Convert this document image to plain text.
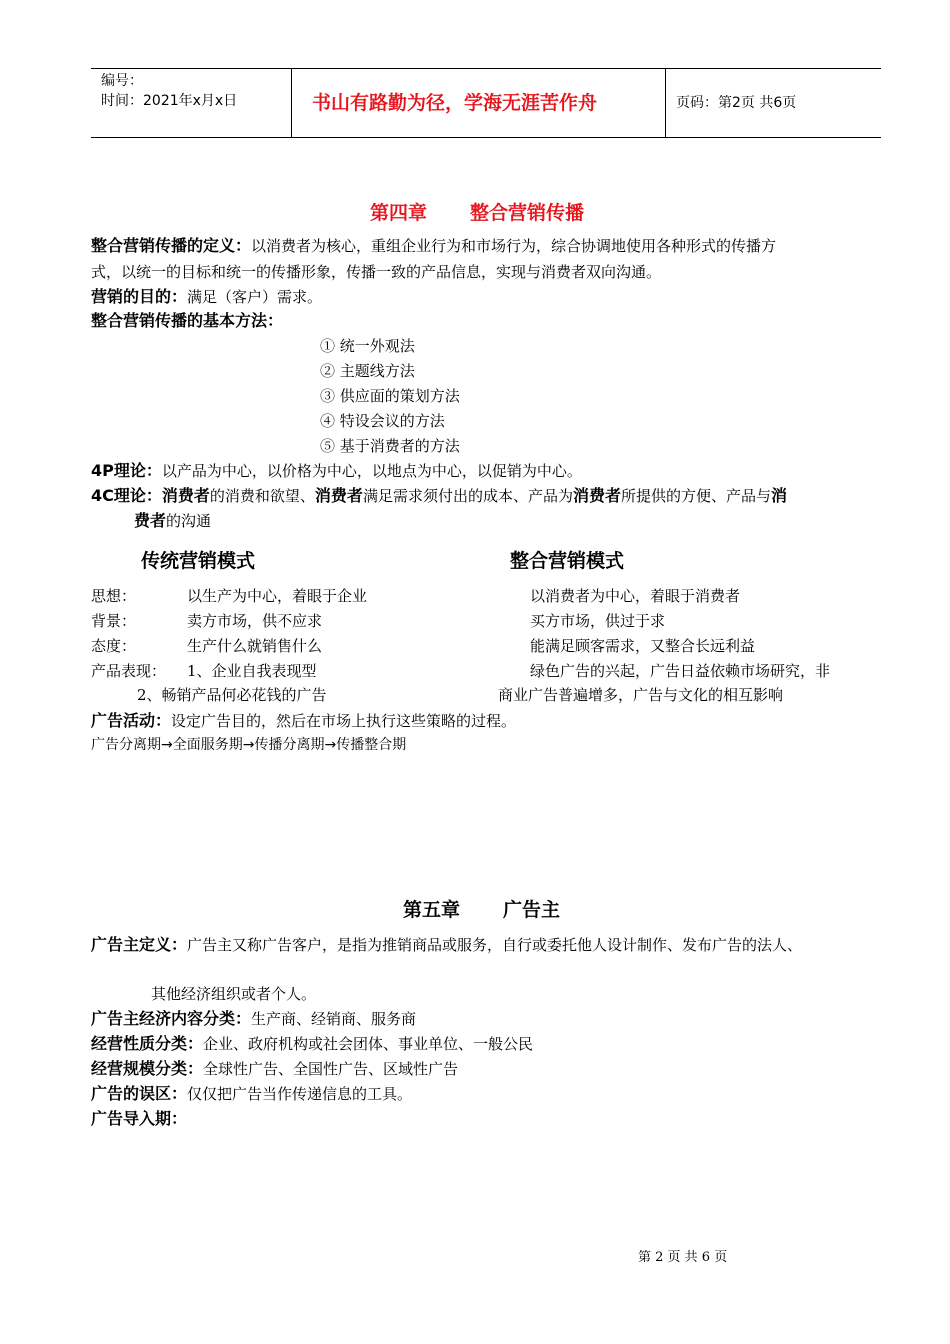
编号：
时间：2021年x月x日	书山有路勤为径，学海无涯苦作舟	页码：第2页 共6页
第四章 整合营销传播
整合营销传播的定义：以消费者为核心，重组企业行为和市场行为，综合协调地使用各种形式的传播方
式，以统一的目标和统一的传播形象，传播一致的产品信息，实现与消费者双向沟通。
营销的目的：满足（客户）需求。
整合营销传播的基本方法：
① 统一外观法
② 主题线方法
③ 供应面的策划方法
④ 特设会议的方法
⑤ 基于消费者的方法
4P理论：以产品为中心，以价格为中心，以地点为中心，以促销为中心。
4C理论：消费者的消费和欲望、消费者满足需求须付出的成本、产品为消费者所提供的方便、产品与消
费者的沟通
传统营销模式	整合营销模式
思想：	以生产为中心，着眼于企业	以消费者为中心，着眼于消费者
背景：	卖方市场，供不应求	买方市场，供过于求
态度：	生产什么就销售什么	能满足顾客需求，又整合长远利益
产品表现： 1、企业自我表现型	绿色广告的兴起，广告日益依赖市场研究，非
2、畅销产品何必花钱的广告	商业广告普遍增多，广告与文化的相互影响
广告活动：设定广告目的，然后在市场上执行这些策略的过程。
广告分离期→全面服务期→传播分离期→传播整合期
第五章 广告主
广告主定义：广告主又称广告客户，是指为推销商品或服务，自行或委托他人设计制作、发布广告的法人、
其他经济组织或者个人。
广告主经济内容分类：生产商、经销商、服务商
经营性质分类：企业、政府机构或社会团体、事业单位、一般公民
经营规模分类：全球性广告、全国性广告、区域性广告
广告的误区：仅仅把广告当作传递信息的工具。
广告导入期：
第 2 页 共 6 页
